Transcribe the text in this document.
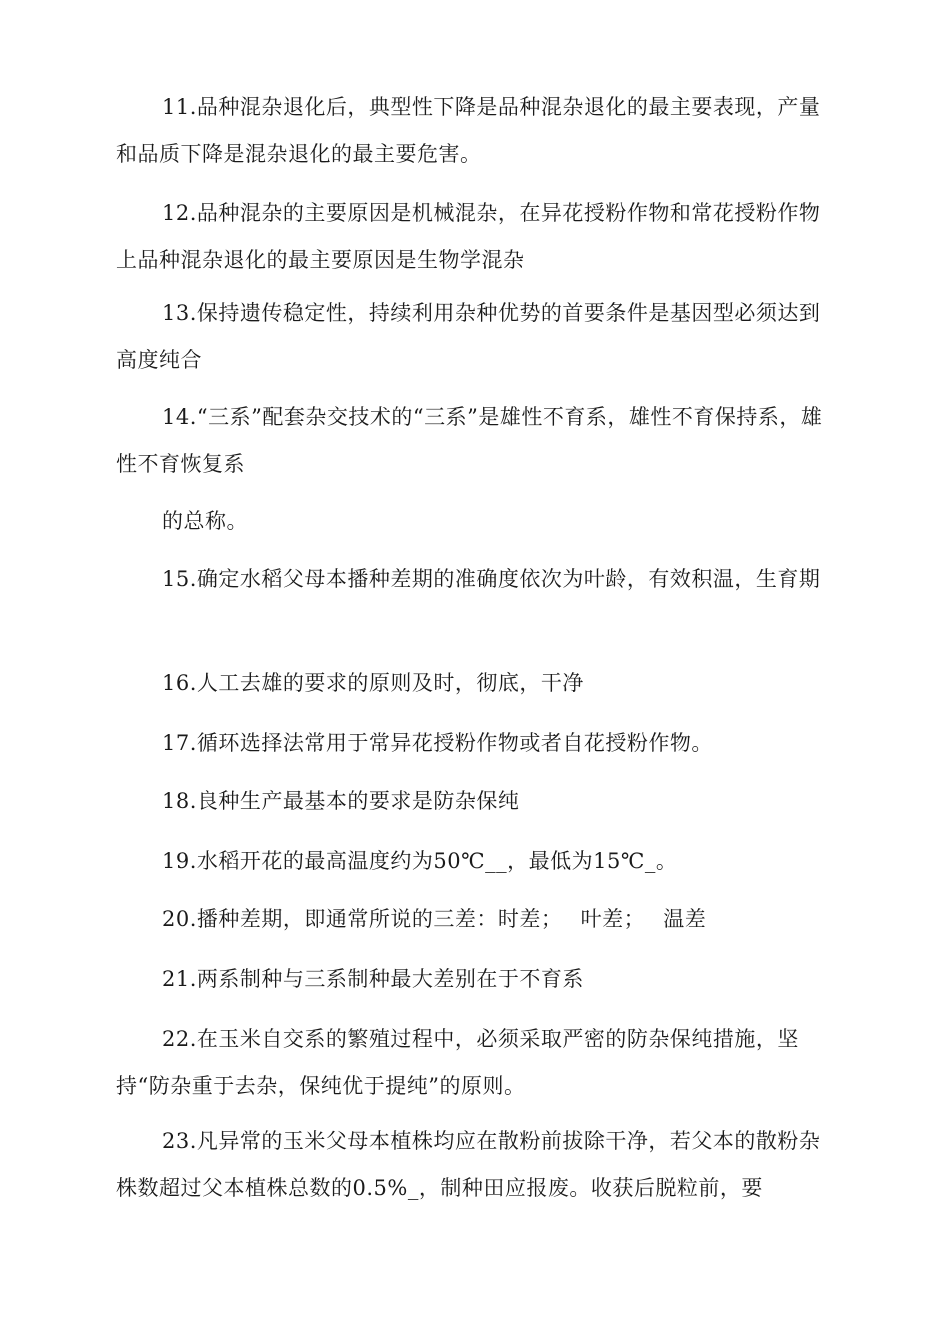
11.品种混杂退化后，典型性下降是品种混杂退化的最主要表现，产量和品质下降是混杂退化的最主要危害。

12.品种混杂的主要原因是机械混杂，在异花授粉作物和常花授粉作物上品种混杂退化的最主要原因是生物学混杂

13.保持遗传稳定性，持续利用杂种优势的首要条件是基因型必须达到高度纯合

14.“三系”配套杂交技术的“三系”是雄性不育系，雄性不育保持系，雄性不育恢复系

的总称。

15.确定水稻父母本播种差期的准确度依次为叶龄，有效积温，生育期

16.人工去雄的要求的原则及时，彻底，干净

17.循环选择法常用于常异花授粉作物或者自花授粉作物。

18.良种生产最基本的要求是防杂保纯

19.水稻开花的最高温度约为50℃__，最低为15℃_。

20.播种差期，即通常所说的三差：时差；　 叶差；　 温差

21.两系制种与三系制种最大差别在于不育系

22.在玉米自交系的繁殖过程中，必须采取严密的防杂保纯措施，坚持“防杂重于去杂，保纯优于提纯”的原则。

23.凡异常的玉米父母本植株均应在散粉前拔除干净，若父本的散粉杂株数超过父本植株总数的0.5%_，制种田应报废。收获后脱粒前，要
